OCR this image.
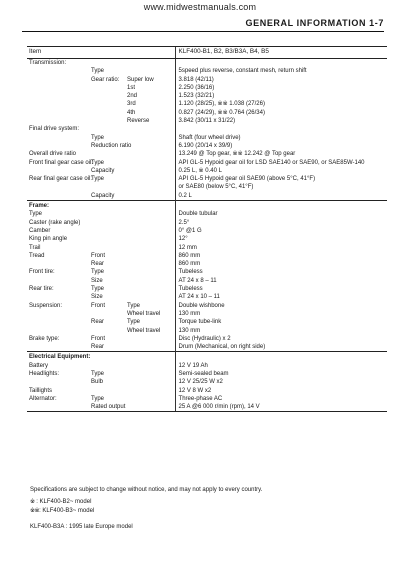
www.midwestmanuals.com
GENERAL INFORMATION 1-7
Item			KLF400-B1, B2, B3/B3A, B4, B5
Transmission:			
	Type		5speed plus reverse, constant mesh, return shift
	Gear ratio:	Super low	3.818 (42/11)
		1st	2.250 (36/16)
		2nd	1.523 (32/21)
		3rd	1.120 (28/25), ※※ 1.038 (27/26)
		4th	0.827 (24/29), ※※ 0.764 (26/34)
		Reverse	3.842 (30/11 x 31/22)
Final drive system:			
	Type		Shaft (four wheel drive)
	Reduction ratio		6.190 (20/14 x 39/9)
Overall drive ratio			13.249 @ Top gear, ※※ 12.242 @ Top gear
Front final gear case oil:	Type		API GL-5 Hypoid gear oil for LSD SAE140 or SAE90, or SAE85W-140
	Capacity		0.25 L, ※ 0.40 L
Rear final gear case oil:	Type		API GL-5 Hypoid gear oil SAE90 (above 5°C, 41°F)
			or SAE80 (below 5°C, 41°F)
	Capacity		0.2 L
Frame:			
Type			Double tubular
Caster (rake angle)			2.5°
Camber			0° @1 G
King pin angle			12°
Trail			12 mm
Tread	Front		860 mm
	Rear		860 mm
Front tire:	Type		Tubeless
	Size		AT 24 x 8 – 11
Rear tire:	Type		Tubeless
	Size		AT 24 x 10 – 11
Suspension:	Front	Type	Double wishbone
		Wheel travel	130 mm
	Rear	Type	Torque tube-link
		Wheel travel	130 mm
Brake type:	Front		Disc (Hydraulic) x 2
	Rear		Drum (Mechanical, on right side)
Electrical Equipment:			
Battery			12 V 19 Ah
Headlights:	Type		Semi-sealed beam
	Bulb		12 V 25/25 W x2
Taillights			12 V 8 W x2
Alternator:	Type		Three-phase AC
	Rated output		25 A @6 000 r/min (rpm), 14 V
Specifications are subject to change without notice, and may not apply to every country.
※ : KLF400-B2~ model
※※: KLF400-B3~ model
KLF400-B3A : 1995 late Europe model
